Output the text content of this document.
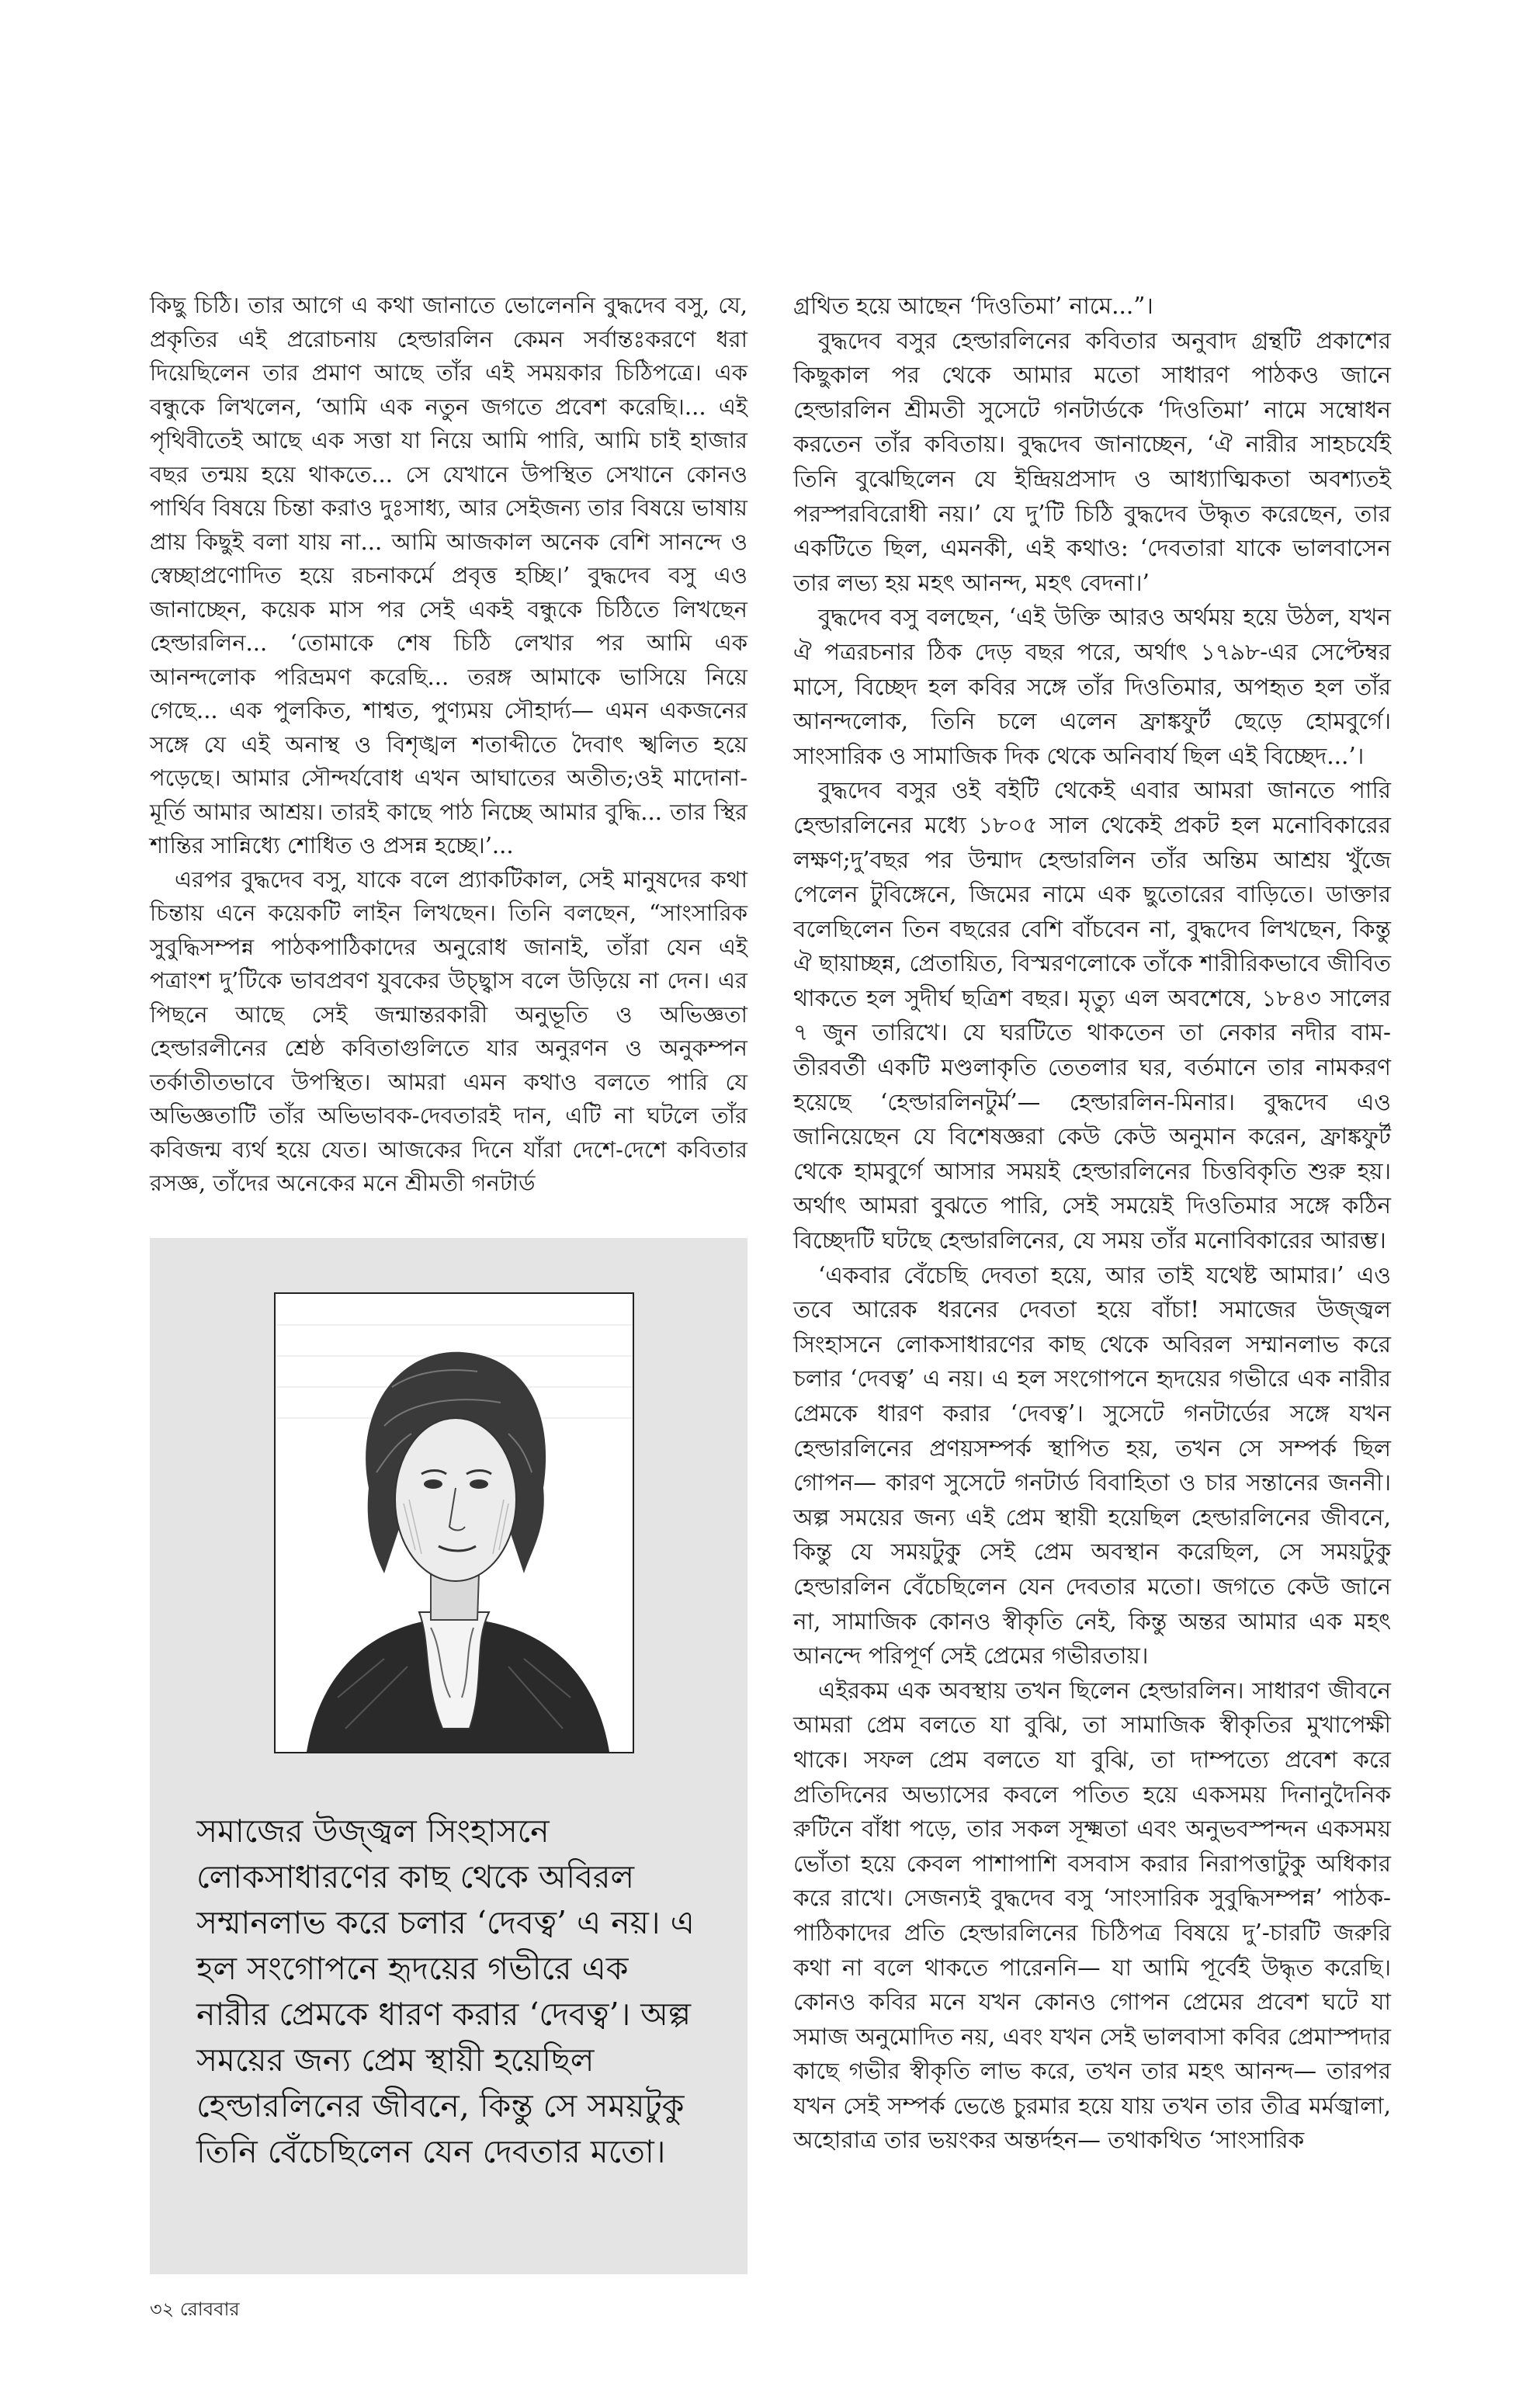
কিছু চিঠি। তার আগে এ কথা জানাতে ভোলেননি বুদ্ধদেব বসু, যে, প্রকৃতির এই প্ররোচনায় হেল্ডারলিন কেমন সর্বান্তঃকরণে ধরা দিয়েছিলেন তার প্রমাণ আছে তাঁর এই সময়কার চিঠিপত্রে। এক বন্ধুকে লিখলেন, ‘আমি এক নতুন জগতে প্রবেশ করেছি।... এই পৃথিবীতেই আছে এক সত্তা যা নিয়ে আমি পারি, আমি চাই হাজার বছর তন্ময় হয়ে থাকতে... সে যেখানে উপস্থিত সেখানে কোনও পার্থিব বিষয়ে চিন্তা করাও দুঃসাধ্য, আর সেইজন্য তার বিষয়ে ভাষায় প্রায় কিছুই বলা যায় না... আমি আজকাল অনেক বেশি সানন্দে ও স্বেচ্ছাপ্রণোদিত হয়ে রচনাকর্মে প্রবৃত্ত হচ্ছি।’ বুদ্ধদেব বসু এও জানাচ্ছেন, কয়েক মাস পর সেই একই বন্ধুকে চিঠিতে লিখছেন হেল্ডারলিন... ‘তোমাকে শেষ চিঠি লেখার পর আমি এক আনন্দলোক পরিভ্রমণ করেছি... তরঙ্গ আমাকে ভাসিয়ে নিয়ে গেছে... এক পুলকিত, শাশ্বত, পুণ্যময় সৌহার্দ্য— এমন একজনের সঙ্গে যে এই অনাস্থ ও বিশৃঙ্খল শতাব্দীতে দৈবাৎ স্খলিত হয়ে পড়েছে। আমার সৌন্দর্যবোধ এখন আঘাতের অতীত;ওই মাদোনা-মূর্তি আমার আশ্রয়। তারই কাছে পাঠ নিচ্ছে আমার বুদ্ধি... তার স্থির শান্তির সান্নিধ্যে শোধিত ও প্রসন্ন হচ্ছে।’...

এরপর বুদ্ধদেব বসু, যাকে বলে প্র্যাকটিকাল, সেই মানুষদের কথা চিন্তায় এনে কয়েকটি লাইন লিখছেন। তিনি বলছেন, “সাংসারিক সুবুদ্ধিসম্পন্ন পাঠকপাঠিকাদের অনুরোধ জানাই, তাঁরা যেন এই পত্রাংশ দু’টিকে ভাবপ্রবণ যুবকের উচ্ছ্বাস বলে উড়িয়ে না দেন। এর পিছনে আছে সেই জন্মান্তরকারী অনুভূতি ও অভিজ্ঞতা হেল্ডারলীনের শ্রেষ্ঠ কবিতাগুলিতে যার অনুরণন ও অনুকম্পন তর্কাতীতভাবে উপস্থিত। আমরা এমন কথাও বলতে পারি যে অভিজ্ঞতাটি তাঁর অভিভাবক-দেবতারই দান, এটি না ঘটলে তাঁর কবিজন্ম ব্যর্থ হয়ে যেত। আজকের দিনে যাঁরা দেশে-দেশে কবিতার রসজ্ঞ, তাঁদের অনেকের মনে শ্রীমতী গনটার্ড

সমাজের উজ্জ্বল সিংহাসনে লোকসাধারণের কাছ থেকে অবিরল সম্মানলাভ করে চলার ‘দেবত্ব’ এ নয়। এ হল সংগোপনে হৃদয়ের গভীরে এক নারীর প্রেমকে ধারণ করার ‘দেবত্ব’। অল্প সময়ের জন্য প্রেম স্থায়ী হয়েছিল হেল্ডারলিনের জীবনে, কিন্তু সে সময়টুকু তিনি বেঁচেছিলেন যেন দেবতার মতো।

গ্রথিত হয়ে আছেন ‘দিওতিমা’ নামে...”।

বুদ্ধদেব বসুর হেল্ডারলিনের কবিতার অনুবাদ গ্রন্থটি প্রকাশের কিছুকাল পর থেকে আমার মতো সাধারণ পাঠকও জানে হেল্ডারলিন শ্রীমতী সুসেটে গনটার্ডকে ‘দিওতিমা’ নামে সম্বোধন করতেন তাঁর কবিতায়। বুদ্ধদেব জানাচ্ছেন, ‘ঐ নারীর সাহচর্যেই তিনি বুঝেছিলেন যে ইন্দ্রিয়প্রসাদ ও আধ্যাত্মিকতা অবশ্যতই পরস্পরবিরোধী নয়।’ যে দু’টি চিঠি বুদ্ধদেব উদ্ধৃত করেছেন, তার একটিতে ছিল, এমনকী, এই কথাও: ‘দেবতারা যাকে ভালবাসেন তার লভ্য হয় মহৎ আনন্দ, মহৎ বেদনা।’

বুদ্ধদেব বসু বলছেন, ‘এই উক্তি আরও অর্থময় হয়ে উঠল, যখন ঐ পত্ররচনার ঠিক দেড় বছর পরে, অর্থাৎ ১৭৯৮-এর সেপ্টেম্বর মাসে, বিচ্ছেদ হল কবির সঙ্গে তাঁর দিওতিমার, অপহৃত হল তাঁর আনন্দলোক, তিনি চলে এলেন ফ্রাঙ্কফুর্ট ছেড়ে হোমবুর্গে। সাংসারিক ও সামাজিক দিক থেকে অনিবার্য ছিল এই বিচ্ছেদ...’।

বুদ্ধদেব বসুর ওই বইটি থেকেই এবার আমরা জানতে পারি হেল্ডারলিনের মধ্যে ১৮০৫ সাল থেকেই প্রকট হল মনোবিকারের লক্ষণ;দু’বছর পর উন্মাদ হেল্ডারলিন তাঁর অন্তিম আশ্রয় খুঁজে পেলেন টুবিঙ্গেনে, জিমের নামে এক ছুতোরের বাড়িতে। ডাক্তার বলেছিলেন তিন বছরের বেশি বাঁচবেন না, বুদ্ধদেব লিখছেন, কিন্তু ঐ ছায়াচ্ছন্ন, প্রেতায়িত, বিস্মরণলোকে তাঁকে শারীরিকভাবে জীবিত থাকতে হল সুদীর্ঘ ছত্রিশ বছর। মৃত্যু এল অবশেষে, ১৮৪৩ সালের ৭ জুন তারিখে। যে ঘরটিতে থাকতেন তা নেকার নদীর বাম-তীরবর্তী একটি মণ্ডলাকৃতি তেতলার ঘর, বর্তমানে তার নামকরণ হয়েছে ‘হেল্ডারলিনটুর্ম’— হেল্ডারলিন-মিনার। বুদ্ধদেব এও জানিয়েছেন যে বিশেষজ্ঞরা কেউ কেউ অনুমান করেন, ফ্রাঙ্কফুর্ট থেকে হামবুর্গে আসার সময়ই হেল্ডারলিনের চিত্তবিকৃতি শুরু হয়। অর্থাৎ আমরা বুঝতে পারি, সেই সময়েই দিওতিমার সঙ্গে কঠিন বিচ্ছেদটি ঘটছে হেল্ডারলিনের, যে সময় তাঁর মনোবিকারের আরম্ভ।

‘একবার বেঁচেছি দেবতা হয়ে, আর তাই যথেষ্ট আমার।’ এও তবে আরেক ধরনের দেবতা হয়ে বাঁচা! সমাজের উজ্জ্বল সিংহাসনে লোকসাধারণের কাছ থেকে অবিরল সম্মানলাভ করে চলার ‘দেবত্ব’ এ নয়। এ হল সংগোপনে হৃদয়ের গভীরে এক নারীর প্রেমকে ধারণ করার ‘দেবত্ব’। সুসেটে গনটার্ডের সঙ্গে যখন হেল্ডারলিনের প্রণয়সম্পর্ক স্থাপিত হয়, তখন সে সম্পর্ক ছিল গোপন— কারণ সুসেটে গনটার্ড বিবাহিতা ও চার সন্তানের জননী। অল্প সময়ের জন্য এই প্রেম স্থায়ী হয়েছিল হেল্ডারলিনের জীবনে, কিন্তু যে সময়টুকু সেই প্রেম অবস্থান করেছিল, সে সময়টুকু হেল্ডারলিন বেঁচেছিলেন যেন দেবতার মতো। জগতে কেউ জানে না, সামাজিক কোনও স্বীকৃতি নেই, কিন্তু অন্তর আমার এক মহৎ আনন্দে পরিপূর্ণ সেই প্রেমের গভীরতায়।

এইরকম এক অবস্থায় তখন ছিলেন হেল্ডারলিন। সাধারণ জীবনে আমরা প্রেম বলতে যা বুঝি, তা সামাজিক স্বীকৃতির মুখাপেক্ষী থাকে। সফল প্রেম বলতে যা বুঝি, তা দাম্পত্যে প্রবেশ করে প্রতিদিনের অভ্যাসের কবলে পতিত হয়ে একসময় দিনানুদৈনিক রুটিনে বাঁধা পড়ে, তার সকল সূক্ষ্মতা এবং অনুভবস্পন্দন একসময় ভোঁতা হয়ে কেবল পাশাপাশি বসবাস করার নিরাপত্তাটুকু অধিকার করে রাখে। সেজন্যই বুদ্ধদেব বসু ‘সাংসারিক সুবুদ্ধিসম্পন্ন’ পাঠক-পাঠিকাদের প্রতি হেল্ডারলিনের চিঠিপত্র বিষয়ে দু’-চারটি জরুরি কথা না বলে থাকতে পারেননি— যা আমি পূর্বেই উদ্ধৃত করেছি। কোনও কবির মনে যখন কোনও গোপন প্রেমের প্রবেশ ঘটে যা সমাজ অনুমোদিত নয়, এবং যখন সেই ভালবাসা কবির প্রেমাস্পদার কাছে গভীর স্বীকৃতি লাভ করে, তখন তার মহৎ আনন্দ— তারপর যখন সেই সম্পর্ক ভেঙে চুরমার হয়ে যায় তখন তার তীব্র মর্মজ্বালা, অহোরাত্র তার ভয়ংকর অন্তর্দহন— তথাকথিত ‘সাংসারিক

৩২ রোববার
